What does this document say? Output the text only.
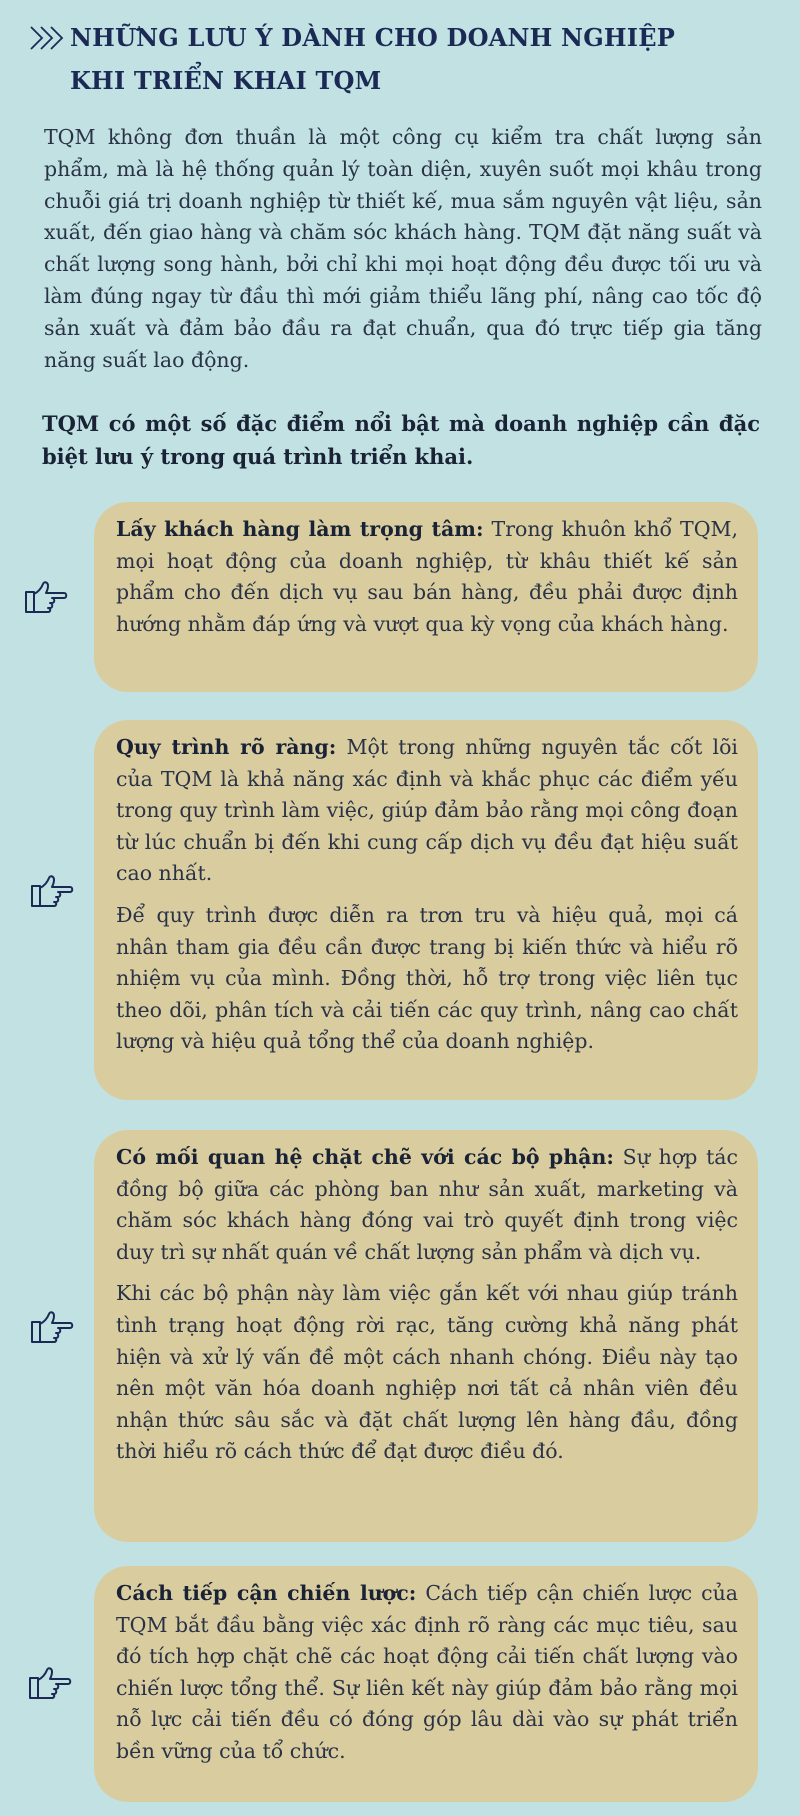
NHỮNG LƯU Ý DÀNH CHO DOANH NGHIỆP
KHI TRIỂN KHAI TQM

TQM không đơn thuần là một công cụ kiểm tra chất lượng sản phẩm, mà là hệ thống quản lý toàn diện, xuyên suốt mọi khâu trong chuỗi giá trị doanh nghiệp từ thiết kế, mua sắm nguyên vật liệu, sản xuất, đến giao hàng và chăm sóc khách hàng. TQM đặt năng suất và chất lượng song hành, bởi chỉ khi mọi hoạt động đều được tối ưu và làm đúng ngay từ đầu thì mới giảm thiểu lãng phí, nâng cao tốc độ sản xuất và đảm bảo đầu ra đạt chuẩn, qua đó trực tiếp gia tăng năng suất lao động.

TQM có một số đặc điểm nổi bật mà doanh nghiệp cần đặc biệt lưu ý trong quá trình triển khai.

Lấy khách hàng làm trọng tâm: Trong khuôn khổ TQM, mọi hoạt động của doanh nghiệp, từ khâu thiết kế sản phẩm cho đến dịch vụ sau bán hàng, đều phải được định hướng nhằm đáp ứng và vượt qua kỳ vọng của khách hàng.

Quy trình rõ ràng: Một trong những nguyên tắc cốt lõi của TQM là khả năng xác định và khắc phục các điểm yếu trong quy trình làm việc, giúp đảm bảo rằng mọi công đoạn từ lúc chuẩn bị đến khi cung cấp dịch vụ đều đạt hiệu suất cao nhất.

Để quy trình được diễn ra trơn tru và hiệu quả, mọi cá nhân tham gia đều cần được trang bị kiến thức và hiểu rõ nhiệm vụ của mình. Đồng thời, hỗ trợ trong việc liên tục theo dõi, phân tích và cải tiến các quy trình, nâng cao chất lượng và hiệu quả tổng thể của doanh nghiệp.

Có mối quan hệ chặt chẽ với các bộ phận: Sự hợp tác đồng bộ giữa các phòng ban như sản xuất, marketing và chăm sóc khách hàng đóng vai trò quyết định trong việc duy trì sự nhất quán về chất lượng sản phẩm và dịch vụ.

Khi các bộ phận này làm việc gắn kết với nhau giúp tránh tình trạng hoạt động rời rạc, tăng cường khả năng phát hiện và xử lý vấn đề một cách nhanh chóng. Điều này tạo nên một văn hóa doanh nghiệp nơi tất cả nhân viên đều nhận thức sâu sắc và đặt chất lượng lên hàng đầu, đồng thời hiểu rõ cách thức để đạt được điều đó.

Cách tiếp cận chiến lược: Cách tiếp cận chiến lược của TQM bắt đầu bằng việc xác định rõ ràng các mục tiêu, sau đó tích hợp chặt chẽ các hoạt động cải tiến chất lượng vào chiến lược tổng thể. Sự liên kết này giúp đảm bảo rằng mọi nỗ lực cải tiến đều có đóng góp lâu dài vào sự phát triển bền vững của tổ chức.
